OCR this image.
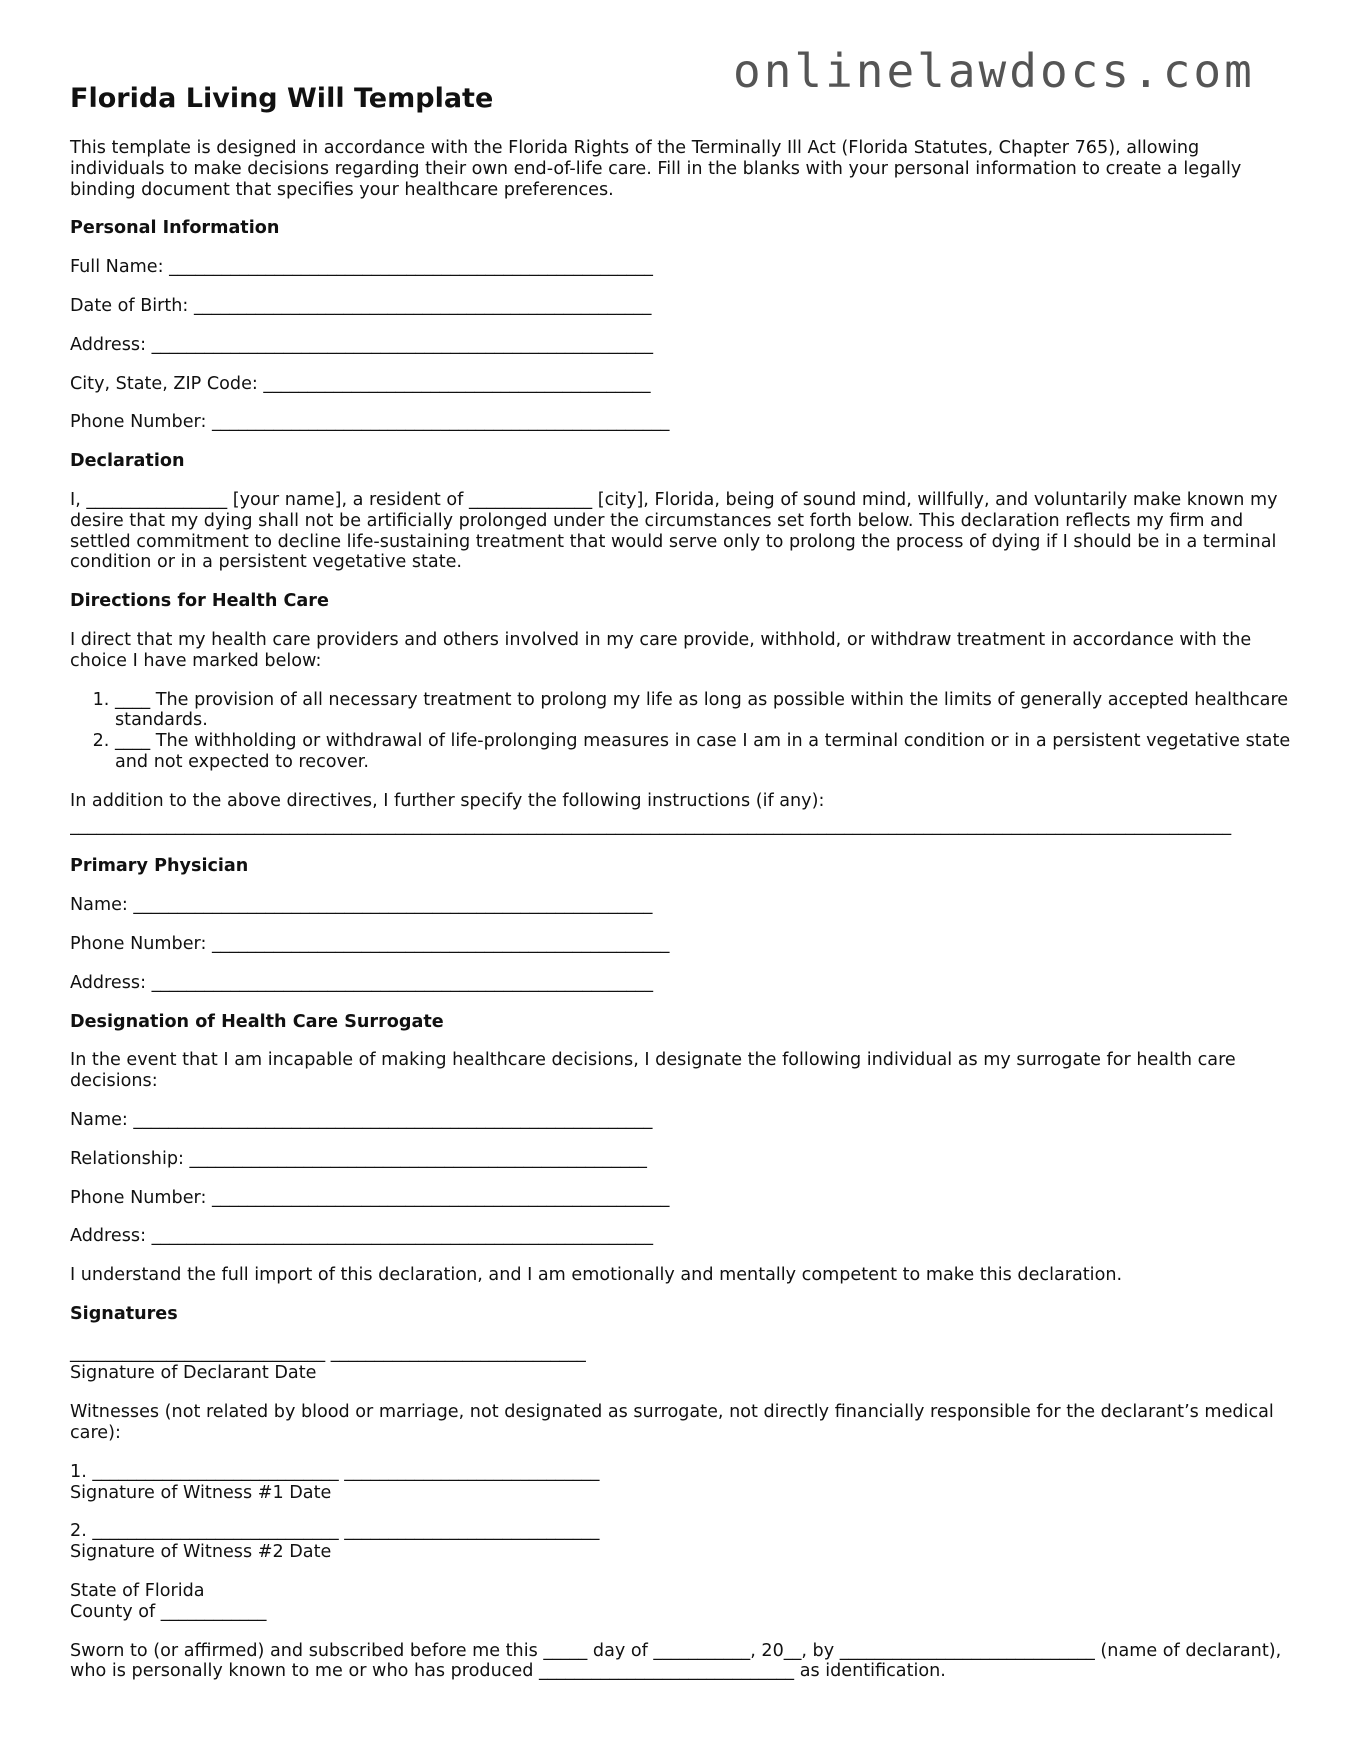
onlinelawdocs.com
Florida Living Will Template

This template is designed in accordance with the Florida Rights of the Terminally Ill Act (Florida Statutes, Chapter 765), allowing individuals to make decisions regarding their own end-of-life care. Fill in the blanks with your personal information to create a legally binding document that specifies your healthcare preferences.

Personal Information

Full Name: _______________________________________________________

Date of Birth: ____________________________________________________

Address: _________________________________________________________

City, State, ZIP Code: ____________________________________________

Phone Number: ____________________________________________________

Declaration

I, ________________ [your name], a resident of ______________ [city], Florida, being of sound mind, willfully, and voluntarily make known my desire that my dying shall not be artificially prolonged under the circumstances set forth below. This declaration reflects my firm and settled commitment to decline life-sustaining treatment that would serve only to prolong the process of dying if I should be in a terminal condition or in a persistent vegetative state.

Directions for Health Care

I direct that my health care providers and others involved in my care provide, withhold, or withdraw treatment in accordance with the choice I have marked below:

1. ____ The provision of all necessary treatment to prolong my life as long as possible within the limits of generally accepted healthcare standards.
2. ____ The withholding or withdrawal of life-prolonging measures in case I am in a terminal condition or in a persistent vegetative state and not expected to recover.

In addition to the above directives, I further specify the following instructions (if any):

____________________________________________________________________________________________________________________________________
Primary Physician

Name: ___________________________________________________________

Phone Number: ____________________________________________________

Address: _________________________________________________________

Designation of Health Care Surrogate

In the event that I am incapable of making healthcare decisions, I designate the following individual as my surrogate for health care decisions:

Name: ___________________________________________________________

Relationship: ____________________________________________________

Phone Number: ____________________________________________________

Address: _________________________________________________________

I understand the full import of this declaration, and I am emotionally and mentally competent to make this declaration.

Signatures

_____________________________ _____________________________
Signature of Declarant Date

Witnesses (not related by blood or marriage, not designated as surrogate, not directly financially responsible for the declarant’s medical care):

1. ____________________________ _____________________________
Signature of Witness #1 Date

2. ____________________________ _____________________________
Signature of Witness #2 Date

State of Florida
County of ____________

Sworn to (or affirmed) and subscribed before me this _____ day of ___________, 20__, by _____________________________ (name of declarant), who is personally known to me or who has produced _____________________________ as identification.
